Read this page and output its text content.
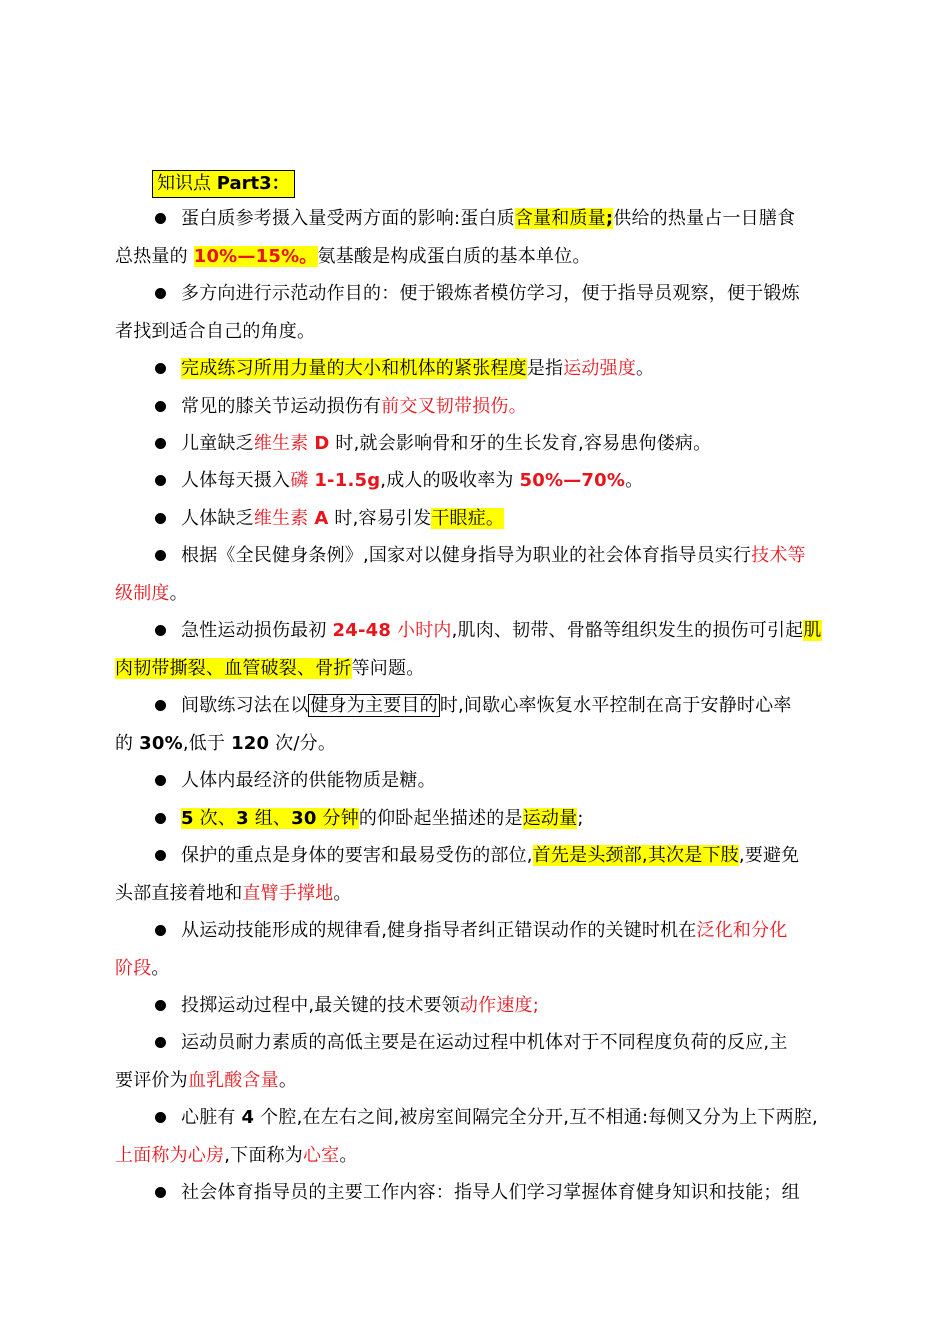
知识点 Part3：
蛋白质参考摄入量受两方面的影响:蛋白质含量和质量;供给的热量占一日膳食
总热量的 10%—15%。氨基酸是构成蛋白质的基本单位。
多方向进行示范动作目的：便于锻炼者模仿学习，便于指导员观察，便于锻炼
者找到适合自己的角度。
完成练习所用力量的大小和机体的紧张程度是指运动强度。
常见的膝关节运动损伤有前交叉韧带损伤。
儿童缺乏维生素 D 时,就会影响骨和牙的生长发育,容易患佝偻病。
人体每天摄入磷 1-1.5g,成人的吸收率为 50%—70%。
人体缺乏维生素 A 时,容易引发干眼症。
根据《全民健身条例》,国家对以健身指导为职业的社会体育指导员实行技术等
级制度。
急性运动损伤最初 24-48 小时内,肌肉、韧带、骨骼等组织发生的损伤可引起肌
肉韧带撕裂、血管破裂、骨折等问题。
间歇练习法在以 健身为主要目的 时,间歇心率恢复水平控制在高于安静时心率
的 30%,低于 120 次/分。
人体内最经济的供能物质是糖。
5 次、3 组、30 分钟的仰卧起坐描述的是运动量;
保护的重点是身体的要害和最易受伤的部位,首先是头颈部,其次是下肢,要避免
头部直接着地和直臂手撑地。
从运动技能形成的规律看,健身指导者纠正错误动作的关键时机在泛化和分化
阶段。
投掷运动过程中,最关键的技术要领动作速度;
运动员耐力素质的高低主要是在运动过程中机体对于不同程度负荷的反应,主
要评价为血乳酸含量。
心脏有 4 个腔,在左右之间,被房室间隔完全分开,互不相通:每侧又分为上下两腔,
上面称为心房,下面称为心室。
社会体育指导员的主要工作内容：指导人们学习掌握体育健身知识和技能；组
